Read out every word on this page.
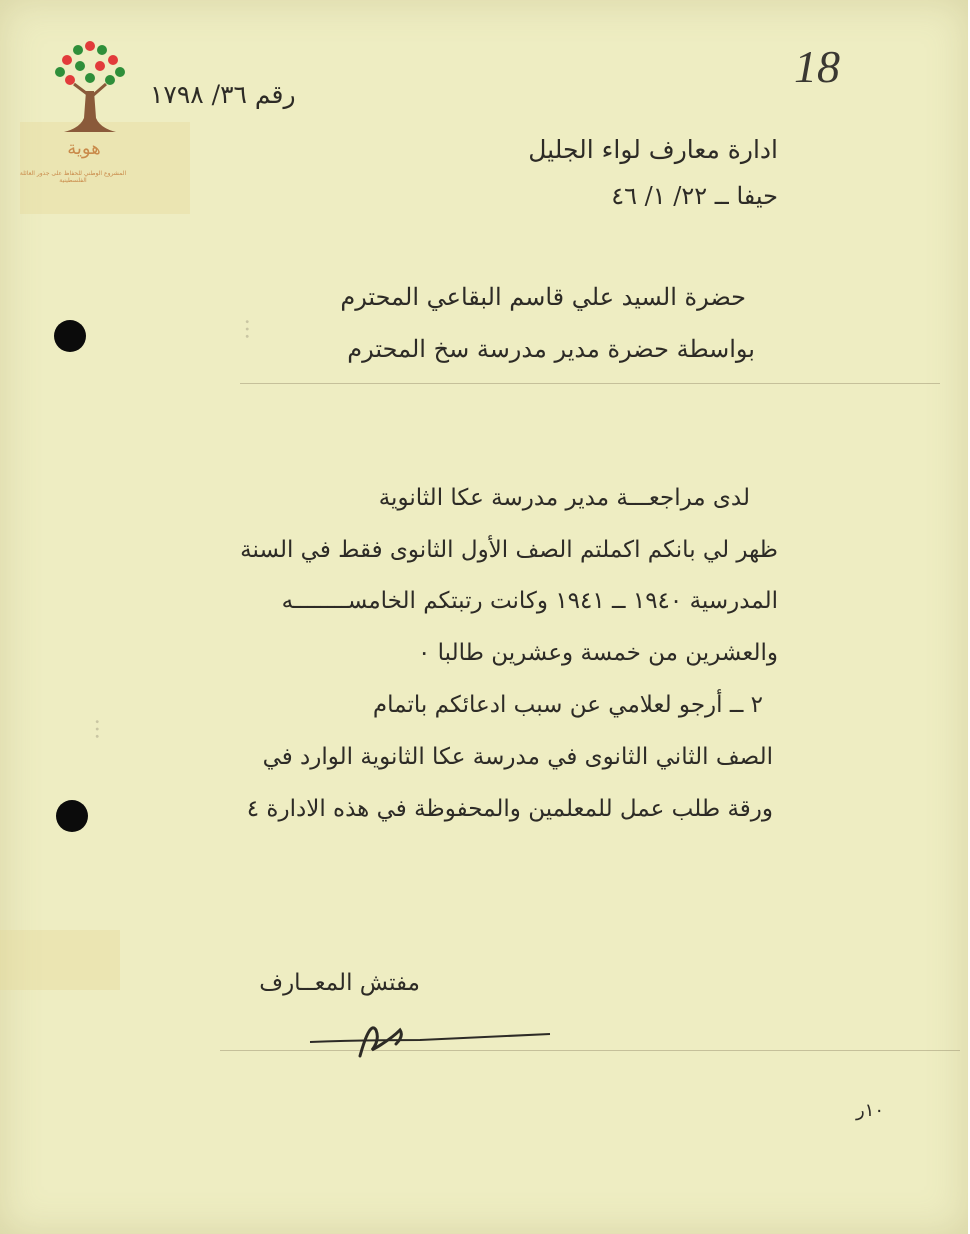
…
…
هوية
المشروع الوطني للحفاظ على جذور العائلة الفلسطينية
18
رقم ٣٦/ ١٧٩٨
ادارة معارف لواء الجليل
حيفا ــ ٢٢/ ١/ ٤٦
حضرة السيد علي قاسم البقاعي المحترم
بواسطة حضرة مدير مدرسة سخ المحترم
لدى مراجعـــة مدير مدرسة عكا الثانوية
ظهر لي بانكم اكملتم الصف الأول الثانوى فقط في السنة
المدرسية ١٩٤٠ ــ ١٩٤١ وكانت رتبتكم الخامســــــــه
والعشرين من خمسة وعشرين طالبا ٠
٢ ــ أرجو لعلامي عن سبب ادعائكم باتمام
الصف الثاني الثانوى في مدرسة عكا الثانوية الوارد في
ورقة طلب عمل للمعلمين والمحفوظة في هذه الادارة ٤
مفتش المعــارف
١٠ر
